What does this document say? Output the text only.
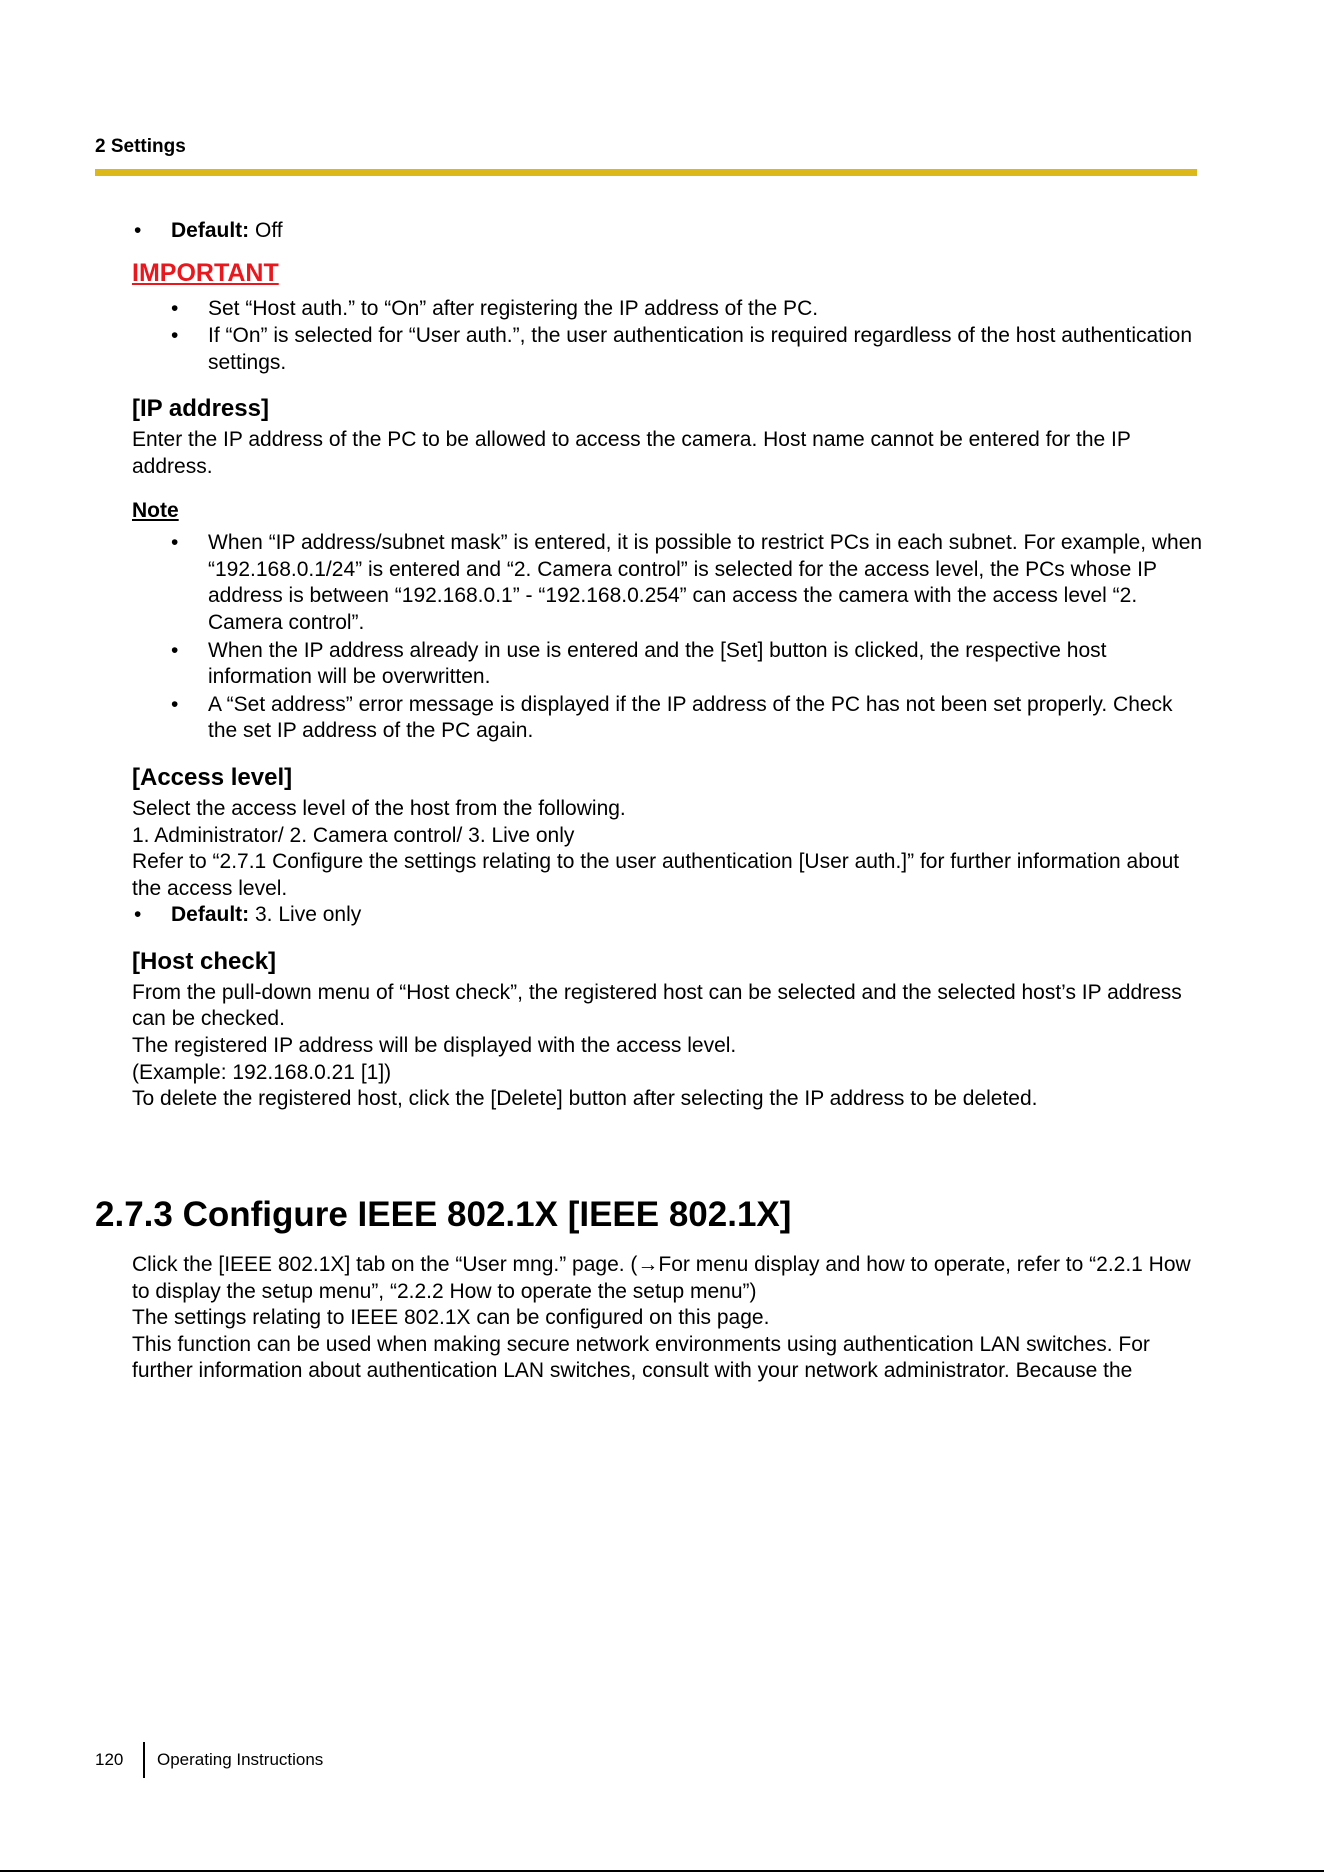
2 Settings
• Default: Off
IMPORTANT
• Set “Host auth.” to “On” after registering the IP address of the PC.
• If “On” is selected for “User auth.”, the user authentication is required regardless of the host authentication settings.
[IP address]

Enter the IP address of the PC to be allowed to access the camera. Host name cannot be entered for the IP address.

Note
• When “IP address/subnet mask” is entered, it is possible to restrict PCs in each subnet. For example, when “192.168.0.1/24” is entered and “2. Camera control” is selected for the access level, the PCs whose IP address is between “192.168.0.1” - “192.168.0.254” can access the camera with the access level “2. Camera control”.
• When the IP address already in use is entered and the [Set] button is clicked, the respective host information will be overwritten.
• A “Set address” error message is displayed if the IP address of the PC has not been set properly. Check the set IP address of the PC again.
[Access level]

Select the access level of the host from the following.

1. Administrator/ 2. Camera control/ 3. Live only

Refer to “2.7.1 Configure the settings relating to the user authentication [User auth.]” for further information about the access level.

• Default: 3. Live only
[Host check]

From the pull-down menu of “Host check”, the registered host can be selected and the selected host’s IP address can be checked.

The registered IP address will be displayed with the access level.

(Example: 192.168.0.21 [1])

To delete the registered host, click the [Delete] button after selecting the IP address to be deleted.

2.7.3 Configure IEEE 802.1X [IEEE 802.1X]

Click the [IEEE 802.1X] tab on the “User mng.” page. (→For menu display and how to operate, refer to “2.2.1 How to display the setup menu”, “2.2.2 How to operate the setup menu”)

The settings relating to IEEE 802.1X can be configured on this page.

This function can be used when making secure network environments using authentication LAN switches. For further information about authentication LAN switches, consult with your network administrator. Because the

120	Operating Instructions
